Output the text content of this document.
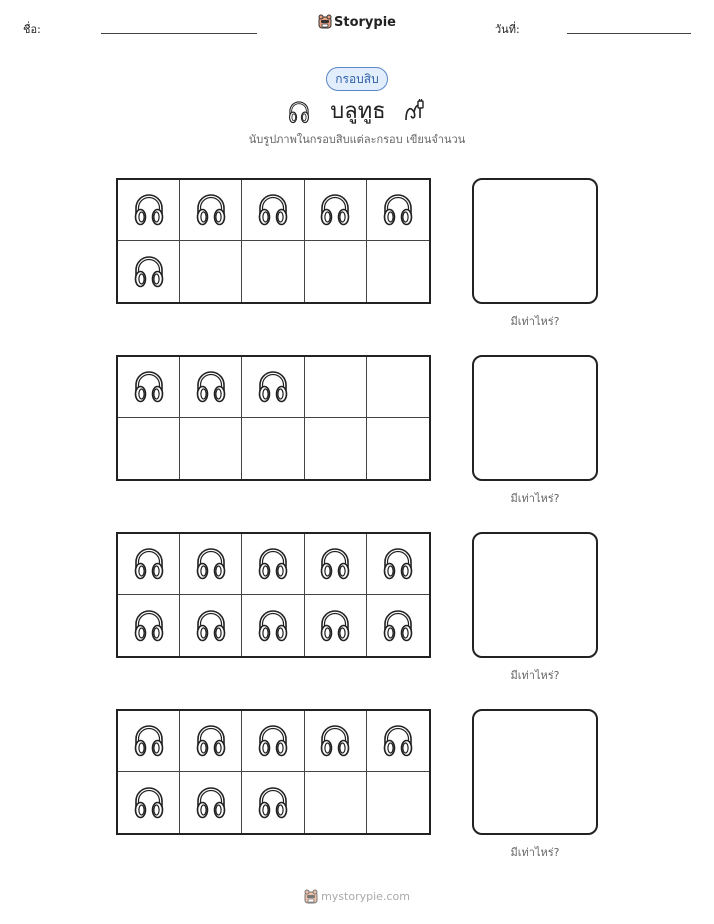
ชื่อ:	Storypie	วันที่:
กรอบสิบ
บลูทูธ
นับรูปภาพในกรอบสิบแต่ละกรอบ เขียนจำนวน
มีเท่าไหร่?
มีเท่าไหร่?
มีเท่าไหร่?
มีเท่าไหร่?
mystorypie.com
